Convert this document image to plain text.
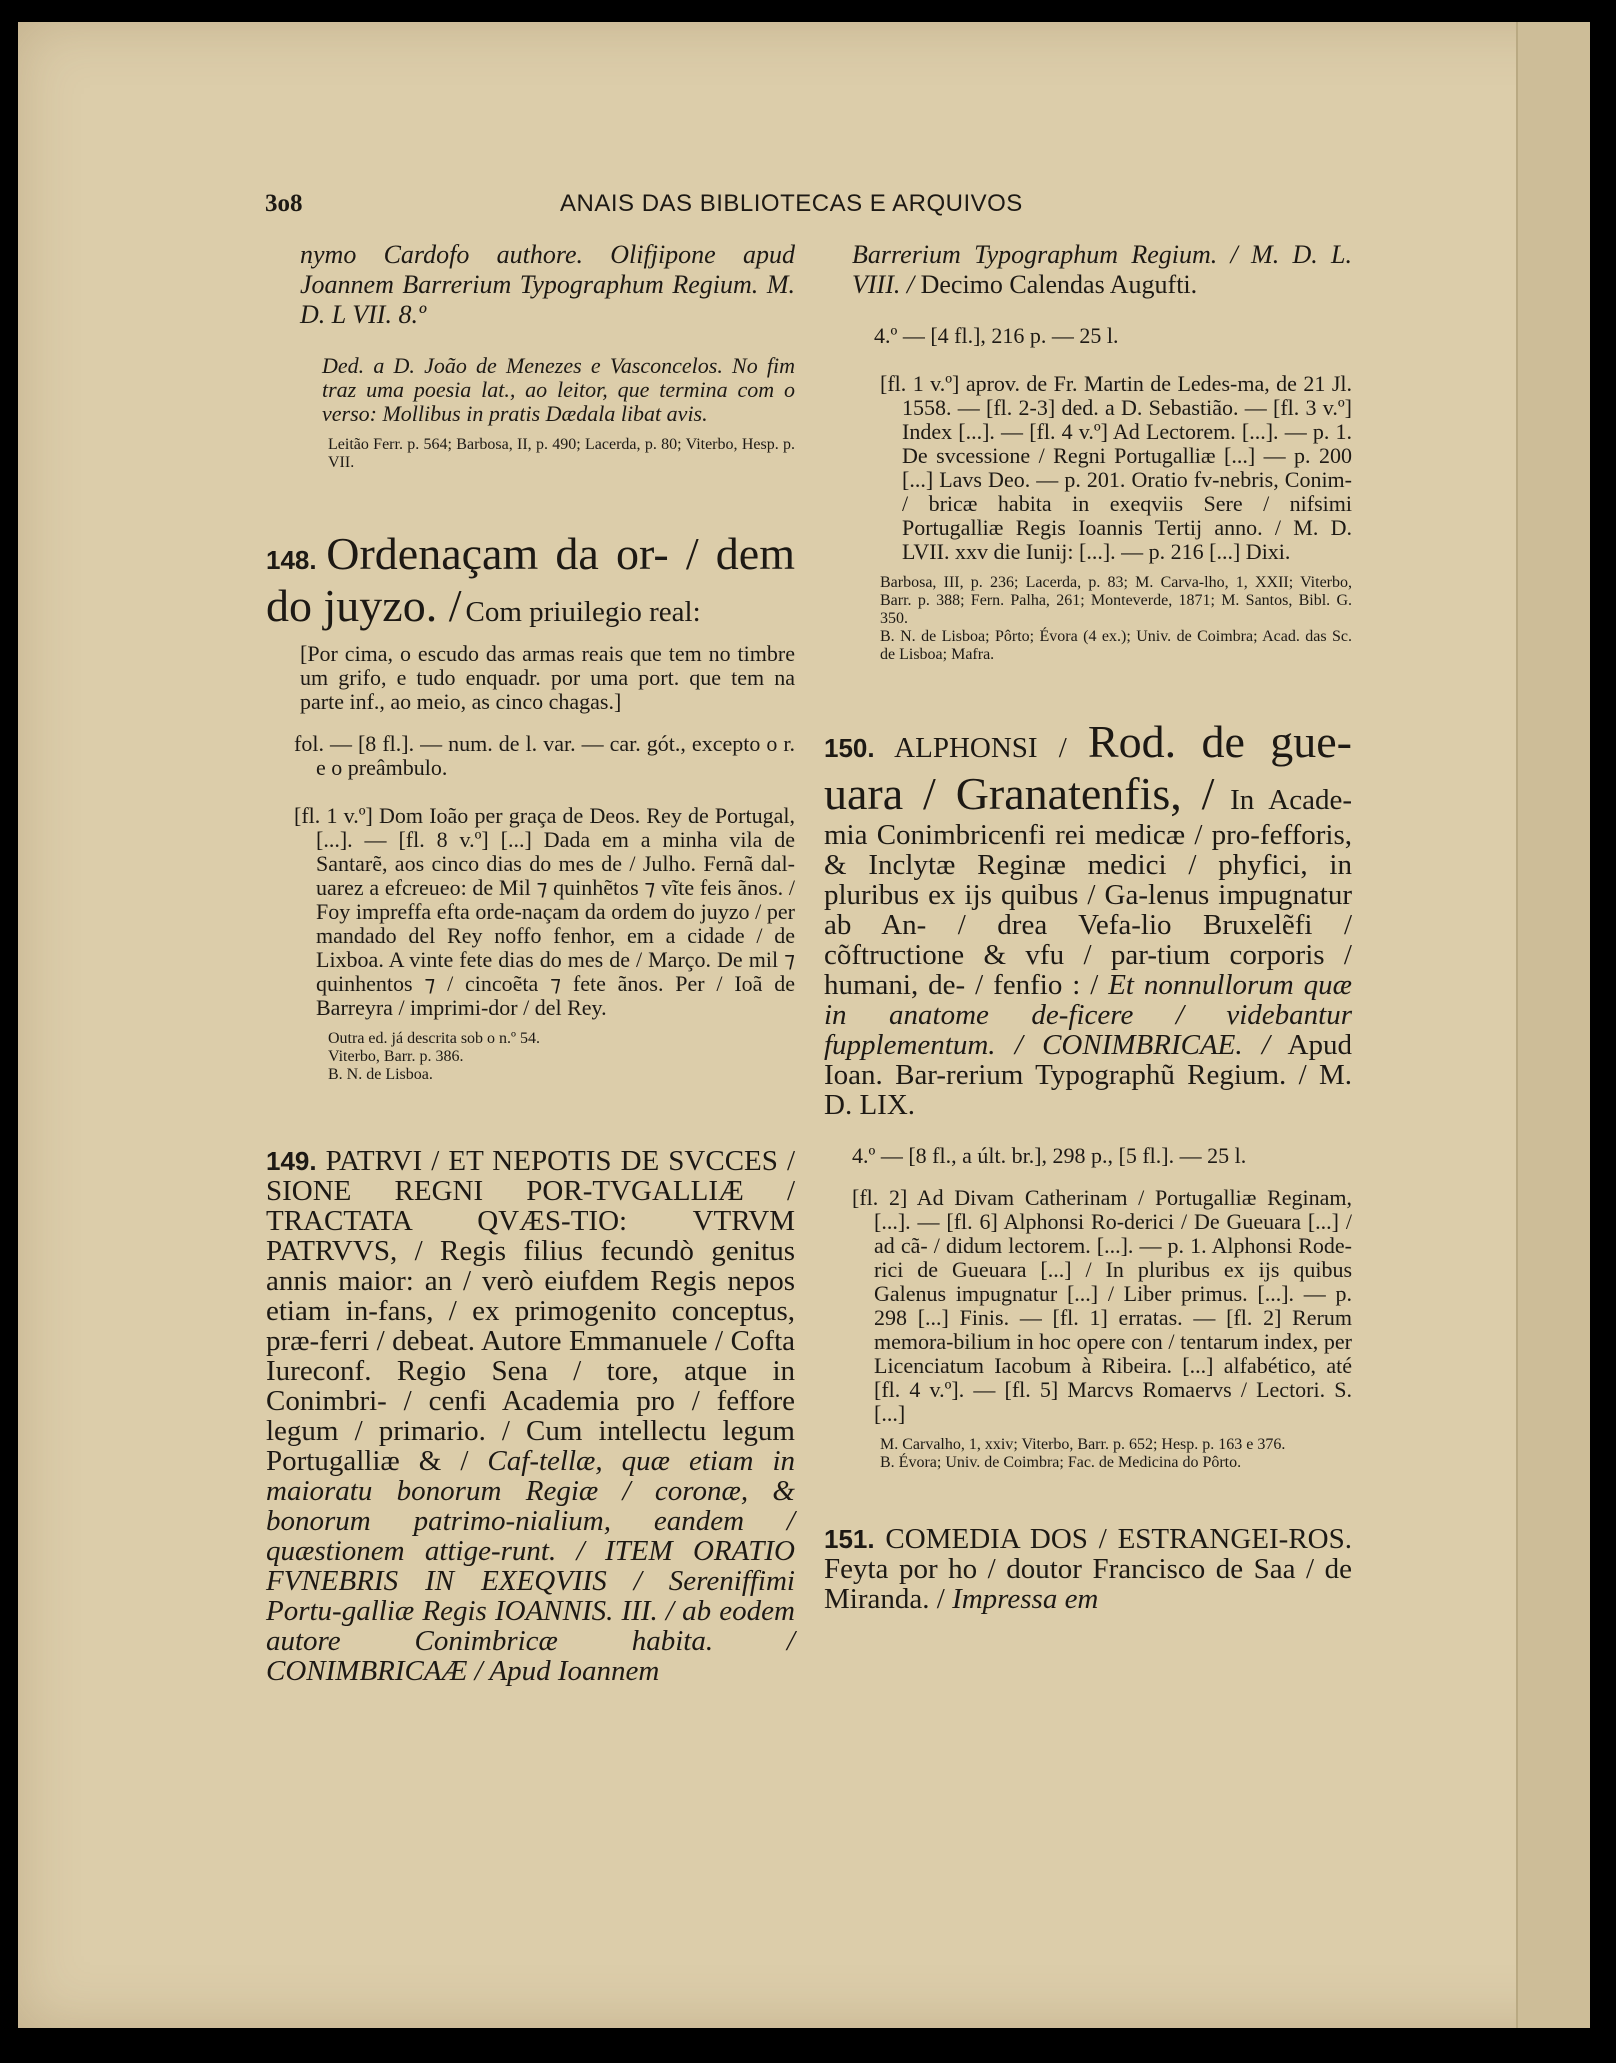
3o8	ANAIS DAS BIBLIOTECAS E ARQUIVOS

nymo Cardofo authore. Olifjipone apud Joannem Barrerium Typographum Regium. M. D. L VII. 8.º

Ded. a D. João de Menezes e Vasconcelos. No fim traz uma poesia lat., ao leitor, que termina com o verso: Mollibus in pratis Dædala libat avis.

Leitão Ferr. p. 564; Barbosa, II, p. 490; Lacerda, p. 80; Viterbo, Hesp. p. VII.

148. Ordenaçam da or- / dem do juyzo. / Com priuilegio real:

[Por cima, o escudo das armas reais que tem no timbre um grifo, e tudo enquadr. por uma port. que tem na parte inf., ao meio, as cinco chagas.]

fol. — [8 fl.]. — num. de l. var. — car. gót., excepto o r. e o preâmbulo.

[fl. 1 v.º] Dom Ioão per graça de Deos. Rey de Portugal, [...]. — [fl. 8 v.º] [...] Dada em a minha vila de Santarẽ, aos cinco dias do mes de / Julho. Fernã dal-uarez a efcreueo: de Mil ⁊ quinhẽtos ⁊ vĩte feis ãnos. / Foy impreffa efta orde-naçam da ordem do juyzo / per mandado del Rey noffo fenhor, em a cidade / de Lixboa. A vinte fete dias do mes de / Março. De mil ⁊ quinhentos ⁊ / cincoẽta ⁊ fete ãnos. Per / Ioã de Barreyra / imprimi-dor / del Rey.

Outra ed. já descrita sob o n.º 54.
Viterbo, Barr. p. 386.
B. N. de Lisboa.

149. PATRVI / ET NEPOTIS DE SVCCES / SIONE REGNI POR-TVGALLIÆ / TRACTATA QVÆS-TIO: VTRVM PATRVVS, / Regis filius fecundò genitus annis maior: an / verò eiufdem Regis nepos etiam in-fans, / ex primogenito conceptus, præ-ferri / debeat. Autore Emmanuele / Cofta Iureconf. Regio Sena / tore, atque in Conimbri- / cenfi Academia pro / feffore legum / primario. / Cum intellectu legum Portugalliæ & / Caf-tellæ, quæ etiam in maioratu bonorum Regiæ / coronæ, & bonorum patrimo-nialium, eandem / quæstionem attige-runt. / ITEM ORATIO FVNEBRIS IN EXEQVIIS / Sereniffimi Portu-galliæ Regis IOANNIS. III. / ab eodem autore Conimbricæ habita. / CONIMBRICAÆ / Apud Ioannem

Barrerium Typographum Regium. / M. D. L. VIII. / Decimo Calendas Augufti.

4.º — [4 fl.], 216 p. — 25 l.

[fl. 1 v.º] aprov. de Fr. Martin de Ledes-ma, de 21 Jl. 1558. — [fl. 2-3] ded. a D. Sebastião. — [fl. 3 v.º] Index [...]. — [fl. 4 v.º] Ad Lectorem. [...]. — p. 1. De svcessione / Regni Portugalliæ [...] — p. 200 [...] Lavs Deo. — p. 201. Oratio fv-nebris, Conim- / bricæ habita in exeqviis Sere / nifsimi Portugalliæ Regis Ioannis Tertij anno. / M. D. LVII. xxv die Iunij: [...]. — p. 216 [...] Dixi.

Barbosa, III, p. 236; Lacerda, p. 83; M. Carva-lho, 1, XXII; Viterbo, Barr. p. 388; Fern. Palha, 261; Monteverde, 1871; M. Santos, Bibl. G. 350.

B. N. de Lisboa; Pôrto; Évora (4 ex.); Univ. de Coimbra; Acad. das Sc. de Lisboa; Mafra.

150. ALPHONSI / Rod. de gue-uara / Granatenfis, / In Acade-mia Conimbricenfi rei medicæ / pro-fefforis, & Inclytæ Reginæ medici / phyfici, in pluribus ex ijs quibus / Ga-lenus impugnatur ab An- / drea Vefa-lio Bruxelẽfi / cõftructione & vfu / par-tium corporis / humani, de- / fenfio : / Et nonnullorum quæ in anatome de-ficere / videbantur fupplementum. / CONIMBRICAE. / Apud Ioan. Bar-rerium Typographũ Regium. / M. D. LIX.

4.º — [8 fl., a últ. br.], 298 p., [5 fl.]. — 25 l.

[fl. 2] Ad Divam Catherinam / Portugalliæ Reginam, [...]. — [fl. 6] Alphonsi Ro-derici / De Gueuara [...] / ad cã- / didum lectorem. [...]. — p. 1. Alphonsi Rode-rici de Gueuara [...] / In pluribus ex ijs quibus Galenus impugnatur [...] / Liber primus. [...]. — p. 298 [...] Finis. — [fl. 1] erratas. — [fl. 2] Rerum memora-bilium in hoc opere con / tentarum index, per Licenciatum Iacobum à Ribeira. [...] alfabético, até [fl. 4 v.º]. — [fl. 5] Marcvs Romaervs / Lectori. S. [...]

M. Carvalho, 1, xxiv; Viterbo, Barr. p. 652; Hesp. p. 163 e 376.
B. Évora; Univ. de Coimbra; Fac. de Medicina do Pôrto.

151. COMEDIA DOS / ESTRANGEI-ROS. Feyta por ho / doutor Francisco de Saa / de Miranda. / Impressa em
